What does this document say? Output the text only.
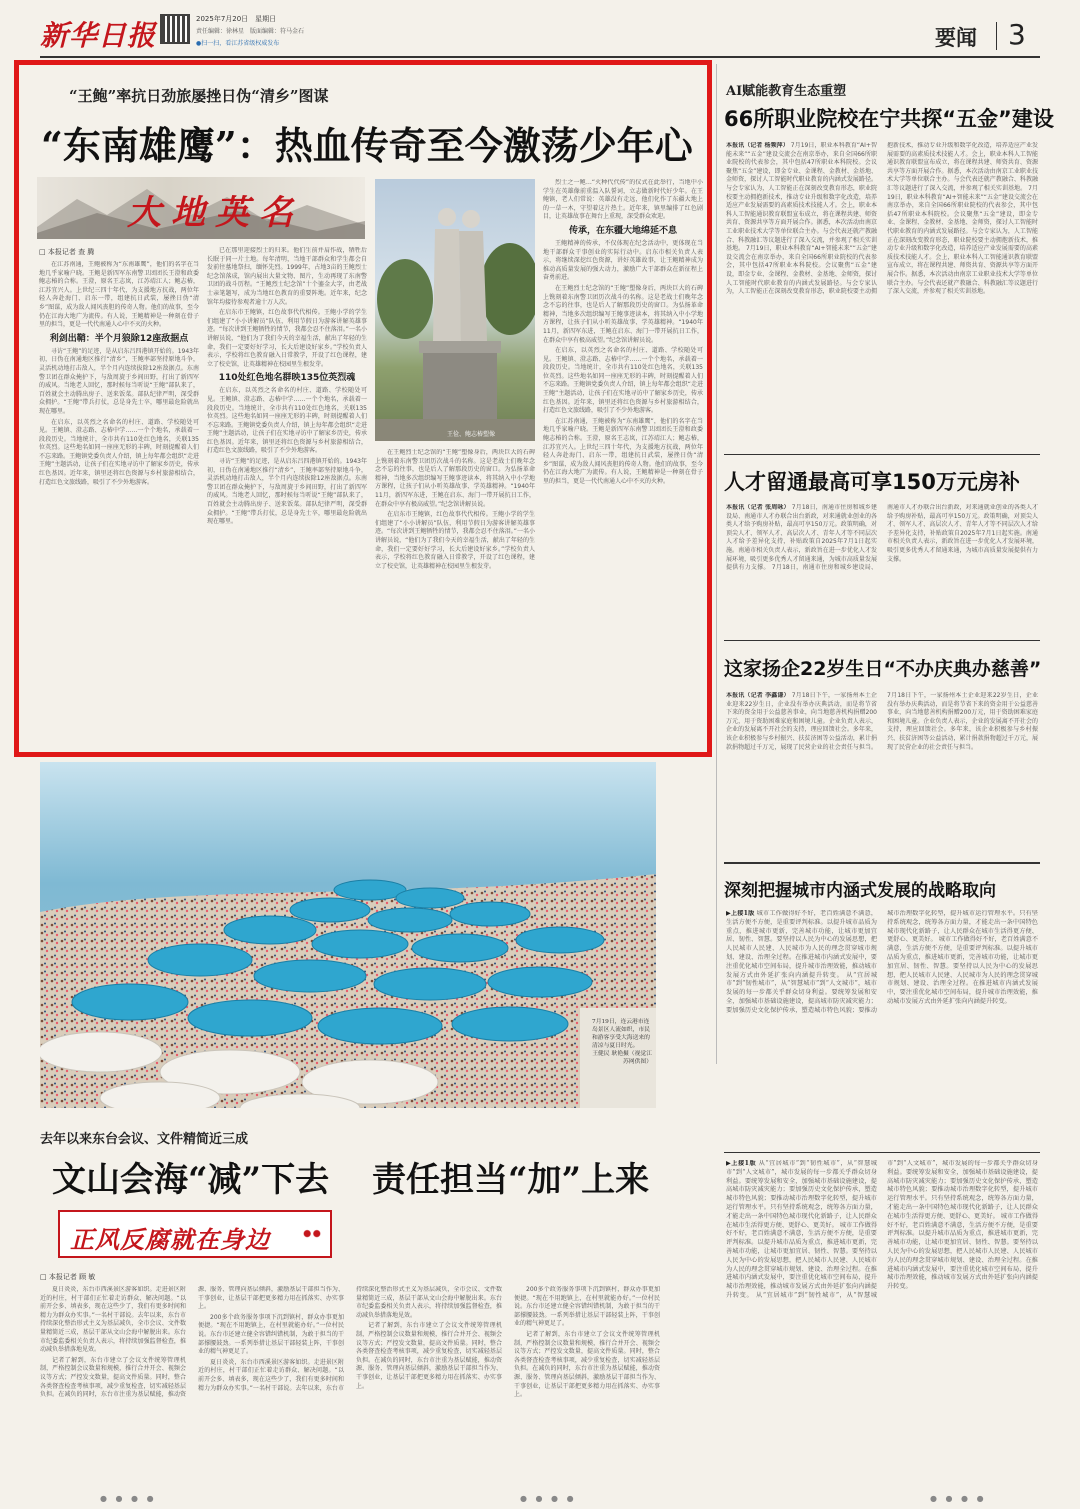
新华日报	2025年7月20日　星期日
责任编辑：徐林星　版面编辑：符马金石
●扫一扫，看江苏省级权威发布	要闻 3
“王鲍”率抗日劲旅屡挫日伪“清乡”图谋
“东南雄鹰”：热血传奇至今激荡少年心
大地英名
□ 本报记者 查 腾

在江苏南通，王鲍被称为“东南雄鹰”，他们的名字在当地几乎家喻户晓。王鲍是新四军东南警卫团团长王澄和政委鲍志椿的合称。王澄，原名王志岚，江苏靖江人；鲍志椿，江苏宜兴人。上世纪三四十年代，为支援地方抗战，两位年轻人奔赴海门、启东一带，组建抗日武装，屡挫日伪“清乡”图谋，成为敌人闻风丧胆的传奇人物。他们的故事，至今仍在江海大地广为流传。有人说，王鲍精神是一种刻在骨子里的担当，更是一代代南通人心中不灭的火种。

利剑出鞘：半个月狼除12座敌据点

寻访“王鲍”的足迹，是从启东吕四港镇开始的。1943年初，日伪在南通地区推行“清乡”，王鲍率部坚持原地斗争，灵活机动地打击敌人，半个月内连续拔除12座敌据点。东南警卫团在群众掩护下，与敌周旋于乡间田野，打出了新四军的威风。当地老人回忆，那时候每当听说“王鲍”部队来了，百姓就会主动腾出房子、送来饭菜。部队纪律严明，深受群众拥护。“王鲍”带兵打仗，总是身先士卒，哪里最危险就出现在哪里。

在启东，以英烈之名命名的村庄、道路、学校随处可见。王鲍镇、澄志路、志椿中学……一个个地名，承载着一段段历史。当地统计，全市共有110处红色地名，关联135位英烈。这些地名如同一座座无形的丰碑，时刻提醒着人们不忘来路。王鲍镇党委负责人介绍，镇上每年都会组织“走进王鲍”主题活动，让孩子们在实地寻访中了解家乡历史，传承红色基因。近年来，镇里还将红色资源与乡村旅游相结合，打造红色文旅线路，吸引了不少外地游客。

已在那里迎接烈士的归来。他们生前并肩作战，牺牲后长眠于同一片土地。每年清明，当地干部群众和学生都会自发前往墓地祭扫，缅怀先烈。1999年，占地3亩的王鲍烈士纪念馆落成，馆内展出大量文物、图片，生动再现了东南警卫团的战斗历程。“王鲍烈士纪念馆”十个鎏金大字，由老战士亲笔题写，成为当地红色教育的重要阵地。近年来，纪念馆年均接待参观者逾十万人次。

在启东市王鲍镇，红色故事代代相传。王鲍小学的学生们组建了“小小讲解员”队伍，利用节假日为游客讲解英雄事迹。“每次讲到王鲍牺牲的情节，我都会忍不住落泪。”一名小讲解员说，“他们为了我们今天的幸福生活，献出了年轻的生命，我们一定要好好学习，长大后建设好家乡。”学校负责人表示，学校将红色教育融入日常教学，开设了红色课程，建立了校史馆，让英雄精神在校园里生根发芽。

110处红色地名群映135位英烈魂

在启东，以英烈之名命名的村庄、道路、学校随处可见。王鲍镇、澄志路、志椿中学……一个个地名，承载着一段段历史。当地统计，全市共有110处红色地名，关联135位英烈。这些地名如同一座座无形的丰碑，时刻提醒着人们不忘来路。王鲍镇党委负责人介绍，镇上每年都会组织“走进王鲍”主题活动，让孩子们在实地寻访中了解家乡历史，传承红色基因。近年来，镇里还将红色资源与乡村旅游相结合，打造红色文旅线路，吸引了不少外地游客。

寻访“王鲍”的足迹，是从启东吕四港镇开始的。1943年初，日伪在南通地区推行“清乡”，王鲍率部坚持原地斗争，灵活机动地打击敌人，半个月内连续拔除12座敌据点。东南警卫团在群众掩护下，与敌周旋于乡间田野，打出了新四军的威风。当地老人回忆，那时候每当听说“王鲍”部队来了，百姓就会主动腾出房子、送来饭菜。部队纪律严明，深受群众拥护。“王鲍”带兵打仗，总是身先士卒，哪里最危险就出现在哪里。

王俭、鲍志椿塑像

在王鲍烈士纪念馆的“王鲍”塑像身后，两块巨大的石碑上镌刻着东南警卫团历次战斗的名称。这是老战士们晚年念念不忘的往事，也是后人了解那段历史的窗口。为弘扬革命精神，当地多次组织编写王鲍事迹读本，将其纳入中小学地方课程，让孩子们从小听英雄故事、学英雄精神。“1940年11月，新四军东进，王鲍在启东、海门一带开展抗日工作，在群众中享有极高威望。”纪念馆讲解员说。

在启东市王鲍镇，红色故事代代相传。王鲍小学的学生们组建了“小小讲解员”队伍，利用节假日为游客讲解英雄事迹。“每次讲到王鲍牺牲的情节，我都会忍不住落泪。”一名小讲解员说，“他们为了我们今天的幸福生活，献出了年轻的生命，我们一定要好好学习，长大后建设好家乡。”学校负责人表示，学校将红色教育融入日常教学，开设了红色课程，建立了校史馆，让英雄精神在校园里生根发芽。

烈士之一鲍…“火种代代传”的仪式在此举行，当地中小学生在英雄像前重温入队誓词，立志做新时代好少年。在王鲍镇，老人们常说：英雄没有走远，他们化作了东疆大地上的一草一木，守望着这片热土。近年来，镇里编排了红色剧目，让英雄故事在舞台上重现，深受群众欢迎。

传承，在东疆大地绵延不息

王鲍精神的传承，不仅体现在纪念活动中，更体现在当地干部群众干事创业的实际行动中。启东市相关负责人表示，将继续深挖红色资源，讲好英雄故事，让王鲍精神成为推动高质量发展的强大动力，激励广大干部群众在新征程上奋勇前进。

在王鲍烈士纪念馆的“王鲍”塑像身后，两块巨大的石碑上镌刻着东南警卫团历次战斗的名称。这是老战士们晚年念念不忘的往事，也是后人了解那段历史的窗口。为弘扬革命精神，当地多次组织编写王鲍事迹读本，将其纳入中小学地方课程，让孩子们从小听英雄故事、学英雄精神。“1940年11月，新四军东进，王鲍在启东、海门一带开展抗日工作，在群众中享有极高威望。”纪念馆讲解员说。

在启东，以英烈之名命名的村庄、道路、学校随处可见。王鲍镇、澄志路、志椿中学……一个个地名，承载着一段段历史。当地统计，全市共有110处红色地名，关联135位英烈。这些地名如同一座座无形的丰碑，时刻提醒着人们不忘来路。王鲍镇党委负责人介绍，镇上每年都会组织“走进王鲍”主题活动，让孩子们在实地寻访中了解家乡历史，传承红色基因。近年来，镇里还将红色资源与乡村旅游相结合，打造红色文旅线路，吸引了不少外地游客。

在江苏南通，王鲍被称为“东南雄鹰”，他们的名字在当地几乎家喻户晓。王鲍是新四军东南警卫团团长王澄和政委鲍志椿的合称。王澄，原名王志岚，江苏靖江人；鲍志椿，江苏宜兴人。上世纪三四十年代，为支援地方抗战，两位年轻人奔赴海门、启东一带，组建抗日武装，屡挫日伪“清乡”图谋，成为敌人闻风丧胆的传奇人物。他们的故事，至今仍在江海大地广为流传。有人说，王鲍精神是一种刻在骨子里的担当，更是一代代南通人心中不灭的火种。

AI赋能教育生态重塑
66所职业院校在宁共探“五金”建设
本报讯（记者 杨频萍） 7月19日，职业本科教育“AI+智能未来”“五金”建设交流会在南京举办，来自全国66所职业院校的代表参会，其中包括47所职业本科院校。会议聚焦“五金”建设，即金专业、金课程、金教材、金基地、金师资，探讨人工智能时代职业教育的内涵式发展路径。与会专家认为，人工智能正在深刻改变教育形态，职业院校要主动拥抱新技术，推动专业升级和数字化改造，培养适应产业发展需要的高素质技术技能人才。会上，职业本科人工智能通识教育联盟宣布成立，将在课程共建、师资共育、资源共享等方面开展合作。据悉，本次活动由南京工业职业技术大学等单位联合主办。与会代表还就产教融合、科教融汇等议题进行了深入交流，并参观了相关实训基地。 7月19日，职业本科教育“AI+智能未来”“五金”建设交流会在南京举办，来自全国66所职业院校的代表参会，其中包括47所职业本科院校。会议聚焦“五金”建设，即金专业、金课程、金教材、金基地、金师资，探讨人工智能时代职业教育的内涵式发展路径。与会专家认为，人工智能正在深刻改变教育形态，职业院校要主动拥抱新技术，推动专业升级和数字化改造，培养适应产业发展需要的高素质技术技能人才。会上，职业本科人工智能通识教育联盟宣布成立，将在课程共建、师资共育、资源共享等方面开展合作。据悉，本次活动由南京工业职业技术大学等单位联合主办。与会代表还就产教融合、科教融汇等议题进行了深入交流，并参观了相关实训基地。 7月19日，职业本科教育“AI+智能未来”“五金”建设交流会在南京举办，来自全国66所职业院校的代表参会，其中包括47所职业本科院校。会议聚焦“五金”建设，即金专业、金课程、金教材、金基地、金师资，探讨人工智能时代职业教育的内涵式发展路径。与会专家认为，人工智能正在深刻改变教育形态，职业院校要主动拥抱新技术，推动专业升级和数字化改造，培养适应产业发展需要的高素质技术技能人才。会上，职业本科人工智能通识教育联盟宣布成立，将在课程共建、师资共育、资源共享等方面开展合作。据悉，本次活动由南京工业职业技术大学等单位联合主办。与会代表还就产教融合、科教融汇等议题进行了深入交流，并参观了相关实训基地。
人才留通最高可享150万元房补
本报讯（记者 张周咏） 7月18日，南通市住房和城乡建设局、南通市人才办联合出台新政，对来通就业创业的各类人才给予购房补贴，最高可享150万元。政策明确，对顶尖人才、领军人才、高层次人才、青年人才等不同层次人才给予差异化支持，补贴政策自2025年7月1日起实施。南通市相关负责人表示，新政旨在进一步优化人才发展环境，吸引更多优秀人才留通来通，为城市高质量发展提供有力支撑。 7月18日，南通市住房和城乡建设局、南通市人才办联合出台新政，对来通就业创业的各类人才给予购房补贴，最高可享150万元。政策明确，对顶尖人才、领军人才、高层次人才、青年人才等不同层次人才给予差异化支持，补贴政策自2025年7月1日起实施。南通市相关负责人表示，新政旨在进一步优化人才发展环境，吸引更多优秀人才留通来通，为城市高质量发展提供有力支撑。
这家扬企22岁生日“不办庆典办慈善”
本报讯（记者 李鑫谦） 7月18日下午，一家扬州本土企业迎来22岁生日，企业没有举办庆典活动，而是将节省下来的资金用于公益慈善事业，向当地慈善机构捐赠200万元，用于资助困难家庭和困境儿童。企业负责人表示，企业的发展离不开社会的支持，理应回馈社会。多年来，该企业积极参与乡村振兴、扶贫济困等公益活动，累计捐款捐物超过千万元，展现了民营企业的社会责任与担当。 7月18日下午，一家扬州本土企业迎来22岁生日，企业没有举办庆典活动，而是将节省下来的资金用于公益慈善事业，向当地慈善机构捐赠200万元，用于资助困难家庭和困境儿童。企业负责人表示，企业的发展离不开社会的支持，理应回馈社会。多年来，该企业积极参与乡村振兴、扶贫济困等公益活动，累计捐款捐物超过千万元，展现了民营企业的社会责任与担当。
深刻把握城市内涵式发展的战略取向
▶上接1版 城市工作做得好不好，老百姓满意不满意，生活方便不方便，是重要评判标准。以提升城市品质为重点，推进城市更新，完善城市功能，让城市更加宜居、韧性、智慧。要坚持以人民为中心的发展思想，把人民城市人民建、人民城市为人民的理念贯穿城市规划、建设、治理全过程。在推进城市内涵式发展中，要注重优化城市空间布局，提升城市治理效能，推动城市发展方式由外延扩张向内涵提升转变。 从“宜居城市”到“韧性城市”，从“智慧城市”到“人文城市”，城市发展的每一步都关乎群众切身利益。要统筹发展和安全，加强城市基础设施建设，提高城市防灾减灾能力；要加强历史文化保护传承，塑造城市特色风貌；要推动城市治理数字化转型，提升城市运行管理水平。只有坚持系统观念，统筹各方面力量，才能走出一条中国特色城市现代化新路子，让人民群众在城市生活得更方便、更舒心、更美好。 城市工作做得好不好，老百姓满意不满意，生活方便不方便，是重要评判标准。以提升城市品质为重点，推进城市更新，完善城市功能，让城市更加宜居、韧性、智慧。要坚持以人民为中心的发展思想，把人民城市人民建、人民城市为人民的理念贯穿城市规划、建设、治理全过程。在推进城市内涵式发展中，要注重优化城市空间布局，提升城市治理效能，推动城市发展方式由外延扩张向内涵提升转变。
▶上接1版 从“宜居城市”到“韧性城市”，从“智慧城市”到“人文城市”，城市发展的每一步都关乎群众切身利益。要统筹发展和安全，加强城市基础设施建设，提高城市防灾减灾能力；要加强历史文化保护传承，塑造城市特色风貌；要推动城市治理数字化转型，提升城市运行管理水平。只有坚持系统观念，统筹各方面力量，才能走出一条中国特色城市现代化新路子，让人民群众在城市生活得更方便、更舒心、更美好。 城市工作做得好不好，老百姓满意不满意，生活方便不方便，是重要评判标准。以提升城市品质为重点，推进城市更新，完善城市功能，让城市更加宜居、韧性、智慧。要坚持以人民为中心的发展思想，把人民城市人民建、人民城市为人民的理念贯穿城市规划、建设、治理全过程。在推进城市内涵式发展中，要注重优化城市空间布局，提升城市治理效能，推动城市发展方式由外延扩张向内涵提升转变。 从“宜居城市”到“韧性城市”，从“智慧城市”到“人文城市”，城市发展的每一步都关乎群众切身利益。要统筹发展和安全，加强城市基础设施建设，提高城市防灾减灾能力；要加强历史文化保护传承，塑造城市特色风貌；要推动城市治理数字化转型，提升城市运行管理水平。只有坚持系统观念，统筹各方面力量，才能走出一条中国特色城市现代化新路子，让人民群众在城市生活得更方便、更舒心、更美好。 城市工作做得好不好，老百姓满意不满意，生活方便不方便，是重要评判标准。以提升城市品质为重点，推进城市更新，完善城市功能，让城市更加宜居、韧性、智慧。要坚持以人民为中心的发展思想，把人民城市人民建、人民城市为人民的理念贯穿城市规划、建设、治理全过程。在推进城市内涵式发展中，要注重优化城市空间布局，提升城市治理效能，推动城市发展方式由外延扩张向内涵提升转变。
7月19日，连云港市连岛景区人流如织，市民和游客享受大海送来的清凉与夏日时光。
王健民 耿艳摄（视觉江苏网供图）
去年以来东台会议、文件精简近三成
文山会海“减”下去 责任担当“加”上来
正风反腐就在身边
□ 本报记者 顾 敏

夏日炎炎，东台市西溪景区游客如织。走进景区附近的村庄，村干部们正忙着走访群众、解决问题。“以前开会多、填表多，现在这些少了，我们有更多时间和精力为群众办实事。”一名村干部说。去年以来，东台市持续深化整治形式主义为基层减负，全市会议、文件数量精简近三成，基层干部从文山会海中解脱出来。东台市纪委监委相关负责人表示，将持续加强监督检查，推动减负举措落地见效。

记者了解到，东台市建立了会议文件统筹管理机制，严格控制会议数量和规模，推行合并开会、视频会议等方式；严控发文数量，提高文件质量。同时，整合各类督查检查考核事项，减少重复检查，切实减轻基层负担。在减负的同时，东台市注重为基层赋能，推动资源、服务、管理向基层倾斜，激励基层干部担当作为、干事创业，让基层干部把更多精力用在抓落实、办实事上。

200多个政务服务事项下沉到镇村，群众办事更加便捷。“现在不用跑镇上，在村里就能办好。”一位村民说。东台市还建立健全容错纠错机制，为敢于担当的干部撑腰鼓劲。一系列举措让基层干部轻装上阵，干事创业的精气神更足了。

夏日炎炎，东台市西溪景区游客如织。走进景区附近的村庄，村干部们正忙着走访群众、解决问题。“以前开会多、填表多，现在这些少了，我们有更多时间和精力为群众办实事。”一名村干部说。去年以来，东台市持续深化整治形式主义为基层减负，全市会议、文件数量精简近三成，基层干部从文山会海中解脱出来。东台市纪委监委相关负责人表示，将持续加强监督检查，推动减负举措落地见效。

记者了解到，东台市建立了会议文件统筹管理机制，严格控制会议数量和规模，推行合并开会、视频会议等方式；严控发文数量，提高文件质量。同时，整合各类督查检查考核事项，减少重复检查，切实减轻基层负担。在减负的同时，东台市注重为基层赋能，推动资源、服务、管理向基层倾斜，激励基层干部担当作为、干事创业，让基层干部把更多精力用在抓落实、办实事上。

200多个政务服务事项下沉到镇村，群众办事更加便捷。“现在不用跑镇上，在村里就能办好。”一位村民说。东台市还建立健全容错纠错机制，为敢于担当的干部撑腰鼓劲。一系列举措让基层干部轻装上阵，干事创业的精气神更足了。

记者了解到，东台市建立了会议文件统筹管理机制，严格控制会议数量和规模，推行合并开会、视频会议等方式；严控发文数量，提高文件质量。同时，整合各类督查检查考核事项，减少重复检查，切实减轻基层负担。在减负的同时，东台市注重为基层赋能，推动资源、服务、管理向基层倾斜，激励基层干部担当作为、干事创业，让基层干部把更多精力用在抓落实、办实事上。

● ● ● ●	● ● ● ●	● ● ● ●
